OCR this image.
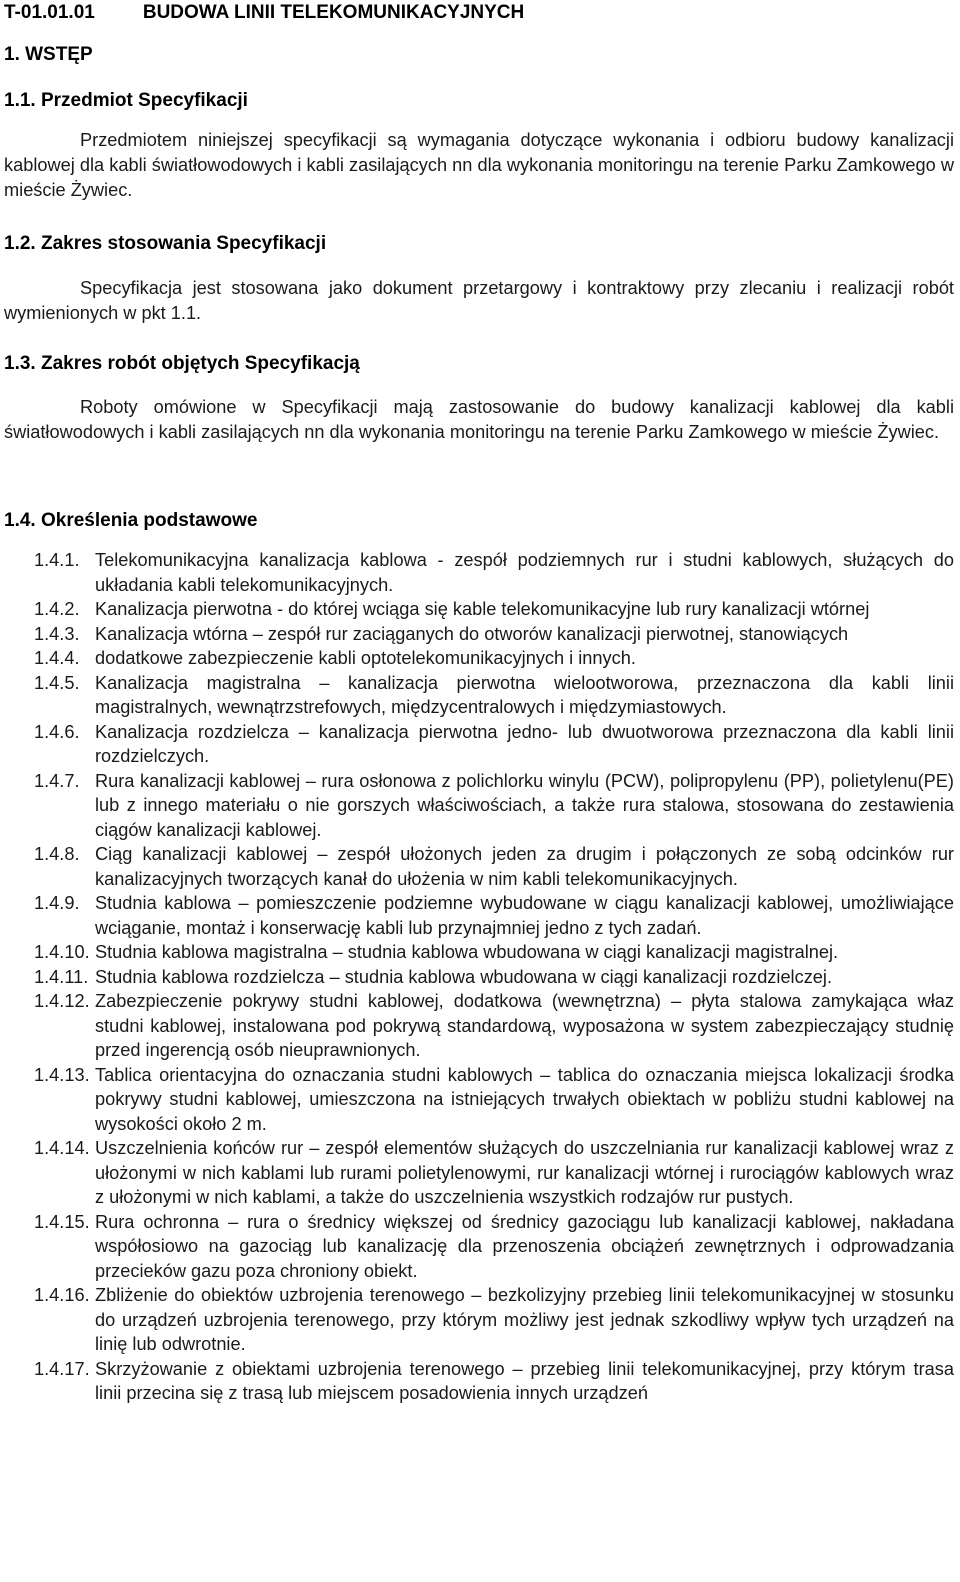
T-01.01.01	BUDOWA LINII TELEKOMUNIKACYJNYCH
1. WSTĘP
1.1. Przedmiot Specyfikacji
Przedmiotem niniejszej specyfikacji są wymagania dotyczące wykonania i odbioru budowy kanalizacji kablowej dla kabli światłowodowych i kabli zasilających nn dla wykonania monitoringu na terenie Parku Zamkowego w mieście Żywiec.
1.2. Zakres stosowania Specyfikacji
Specyfikacja jest stosowana jako dokument przetargowy i kontraktowy przy zlecaniu i realizacji robót wymienionych w pkt 1.1.
1.3. Zakres robót objętych Specyfikacją
Roboty omówione w Specyfikacji mają zastosowanie do budowy kanalizacji kablowej dla kabli światłowodowych i kabli zasilających nn dla wykonania monitoringu na terenie Parku Zamkowego w mieście Żywiec.
1.4. Określenia podstawowe
1.4.1. Telekomunikacyjna kanalizacja kablowa - zespół podziemnych rur i studni kablowych, służących do układania kabli telekomunikacyjnych.
1.4.2. Kanalizacja pierwotna - do której wciąga się kable telekomunikacyjne lub rury kanalizacji wtórnej
1.4.3. Kanalizacja wtórna – zespół rur zaciąganych do otworów kanalizacji pierwotnej, stanowiących
1.4.4. dodatkowe zabezpieczenie kabli optotelekomunikacyjnych i innych.
1.4.5. Kanalizacja magistralna – kanalizacja pierwotna wielootworowa, przeznaczona dla kabli linii magistralnych, wewnątrzstrefowych, międzycentralowych i międzymiastowych.
1.4.6. Kanalizacja rozdzielcza – kanalizacja pierwotna jedno- lub dwuotworowa przeznaczona dla kabli linii rozdzielczych.
1.4.7. Rura kanalizacji kablowej – rura osłonowa z polichlorku winylu (PCW), polipropylenu (PP), polietylenu(PE) lub z innego materiału o nie gorszych właściwościach, a także rura stalowa, stosowana do zestawienia ciągów kanalizacji kablowej.
1.4.8. Ciąg kanalizacji kablowej – zespół ułożonych jeden za drugim i połączonych ze sobą odcinków rur kanalizacyjnych tworzących kanał do ułożenia w nim kabli telekomunikacyjnych.
1.4.9. Studnia kablowa – pomieszczenie podziemne wybudowane w ciągu kanalizacji kablowej, umożliwiające wciąganie, montaż i konserwację kabli lub przynajmniej jedno z tych zadań.
1.4.10. Studnia kablowa magistralna – studnia kablowa wbudowana w ciągi kanalizacji magistralnej.
1.4.11. Studnia kablowa rozdzielcza – studnia kablowa wbudowana w ciągi kanalizacji rozdzielczej.
1.4.12. Zabezpieczenie pokrywy studni kablowej, dodatkowa (wewnętrzna) – płyta stalowa zamykająca właz studni kablowej, instalowana pod pokrywą standardową, wyposażona w system zabezpieczający studnię przed ingerencją osób nieuprawnionych.
1.4.13. Tablica orientacyjna do oznaczania studni kablowych – tablica do oznaczania miejsca lokalizacji środka pokrywy studni kablowej, umieszczona na istniejących trwałych obiektach w pobliżu studni kablowej na wysokości około 2 m.
1.4.14. Uszczelnienia końców rur – zespół elementów służących do uszczelniania rur kanalizacji kablowej wraz z ułożonymi w nich kablami lub rurami polietylenowymi, rur kanalizacji wtórnej i rurociągów kablowych wraz z ułożonymi w nich kablami, a także do uszczelnienia wszystkich rodzajów rur pustych.
1.4.15. Rura ochronna – rura o średnicy większej od średnicy gazociągu lub kanalizacji kablowej, nakładana współosiowo na gazociąg lub kanalizację dla przenoszenia obciążeń zewnętrznych i odprowadzania przecieków gazu poza chroniony obiekt.
1.4.16. Zbliżenie do obiektów uzbrojenia terenowego – bezkolizyjny przebieg linii telekomunikacyjnej w stosunku do urządzeń uzbrojenia terenowego, przy którym możliwy jest jednak szkodliwy wpływ tych urządzeń na linię lub odwrotnie.
1.4.17. Skrzyżowanie z obiektami uzbrojenia terenowego – przebieg linii telekomunikacyjnej, przy którym trasa linii przecina się z trasą lub miejscem posadowienia innych urządzeń
